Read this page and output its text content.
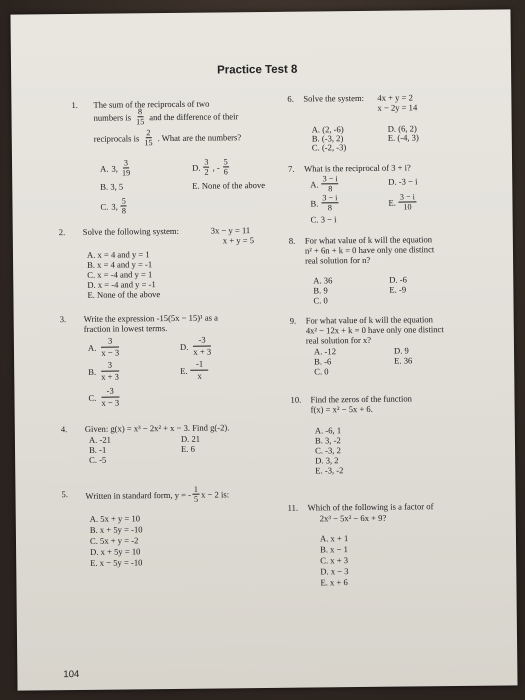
Practice Test 8
1. The sum of the reciprocals of two
numbers is $\frac{8}{15}$ and the difference of their
reciprocals is $\frac{2}{15}$ . What are the numbers?
A. 3, $\frac{3}{19}$	D. $\frac{3}{2}$ , - $\frac{5}{6}$
B. 3, 5	E. None of the above
C. 3, $\frac{5}{8}$
2. Solve the following system:	3x − y = 11
x + y = 5
A. x = 4 and y = 1
B. x = 4 and y = -1
C. x = -4 and y = 1
D. x = -4 and y = -1
E. None of the above
3. Write the expression -15(5x − 15)¹ as a
fraction in lowest terms.
A. $\frac{3}{x - 3}$	D. $\frac{-3}{x + 3}$
B. $\frac{3}{x + 3}$	E. $\frac{-1}{x}$
C. $\frac{-3}{x - 3}$
4. Given: g(x) = x³ − 2x² + x − 3. Find g(-2).
A. -21	D. 21
B. -1	E. 6
C. -5
5. Written in standard form, y = - $\frac{1}{5}$ x − 2 is:
A. 5x + y = 10
B. x + 5y = -10
C. 5x + y = -2
D. x + 5y = 10
E. x − 5y = -10
6. Solve the system: 4x + y = 2
x − 2y = 14
A. (2, -6)	D. (6, 2)
B. (-3, 2)	E. (-4, 3)
C. (-2, -3)
7. What is the reciprocal of 3 + i?
A. $\frac{3 - i}{8}$	D. -3 − i
B. $\frac{3 - i}{8}$	E. $\frac{3 - i}{10}$
C. 3 − i
8. For what value of k will the equation
n² + 6n + k = 0 have only one distinct
real solution for n?
A. 36	D. -6
B. 9	E. -9
C. 0
9. For what value of k will the equation
4x² − 12x + k = 0 have only one distinct
real solution for x?
A. -12	D. 9
B. -6	E. 36
C. 0
10. Find the zeros of the function
f(x) = x² − 5x + 6.
A. -6, 1
B. 3, -2
C. -3, 2
D. 3, 2
E. -3, -2
11. Which of the following is a factor of
2x³ − 5x² − 6x + 9?
A. x + 1
B. x − 1
C. x + 3
D. x − 3
E. x + 6
104
